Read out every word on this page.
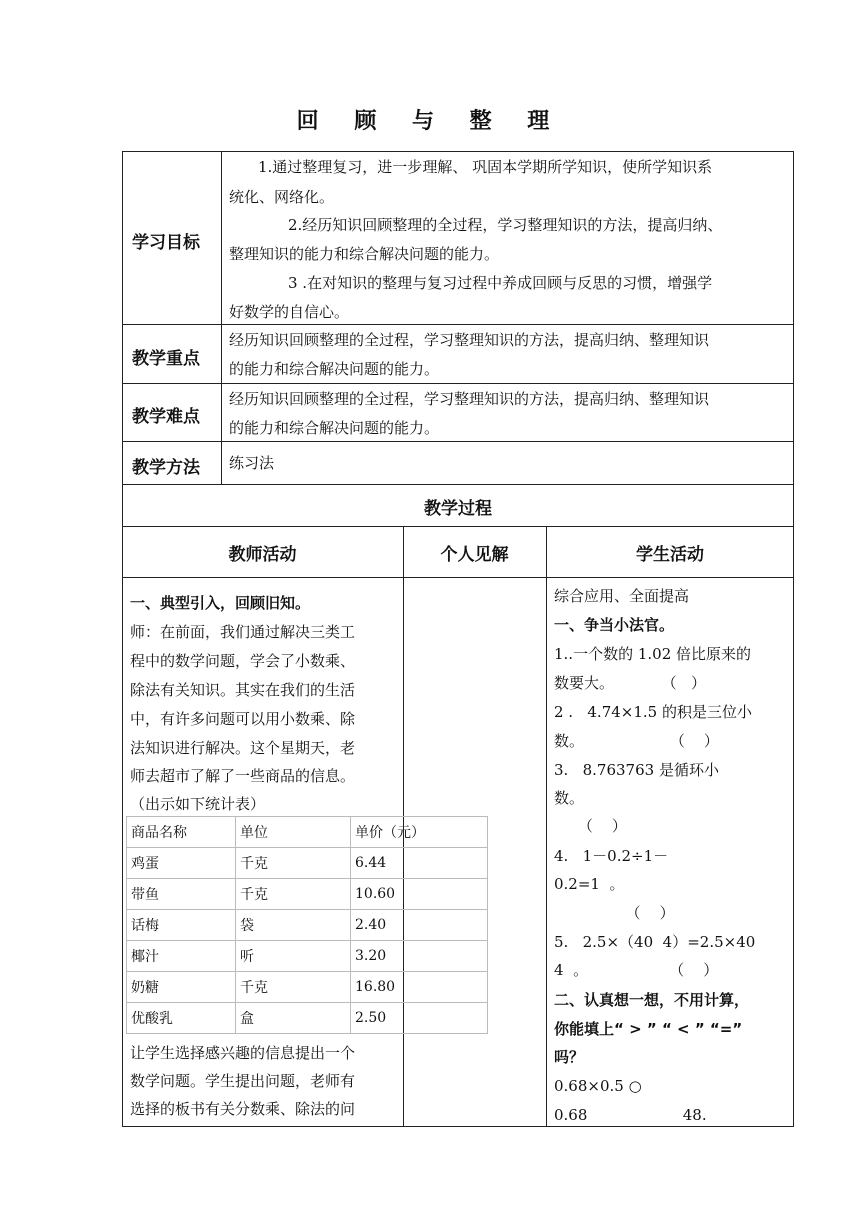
回 顾 与 整 理
学习目标
1.通过整理复习，进一步理解、 巩固本学期所学知识，使所学知识系
统化、网络化。
2.经历知识回顾整理的全过程，学习整理知识的方法，提高归纳、
整理知识的能力和综合解决问题的能力。
3 .在对知识的整理与复习过程中养成回顾与反思的习惯，增强学
好数学的自信心。
教学重点
经历知识回顾整理的全过程，学习整理知识的方法，提高归纳、整理知识
的能力和综合解决问题的能力。
教学难点
经历知识回顾整理的全过程，学习整理知识的方法，提高归纳、整理知识
的能力和综合解决问题的能力。
教学方法 练习法
教学过程
教师活动	个人见解	学生活动
一、典型引入，回顾旧知。
师：在前面，我们通过解决三类工
程中的数学问题，学会了小数乘、
除法有关知识。其实在我们的生活
中，有许多问题可以用小数乘、除
法知识进行解决。这个星期天，老
师去超市了解了一些商品的信息。
（出示如下统计表）
商品名称	单位	单价（元）
鸡蛋	千克	6.44
带鱼	千克	10.60
话梅	袋	2.40
椰汁	听	3.20
奶糖	千克	16.80
优酸乳	盒	2.50
让学生选择感兴趣的信息提出一个
数学问题。学生提出问题，老师有
选择的板书有关分数乘、除法的问
综合应用、全面提高
一、争当小法官。
1..一个数的 1.02 倍比原来的
数要大。          （   ）
2 .   4.74×1.5 的积是三位小
数。                  （    ）
3.   8.763763 是循环小
数。
（    ）
4.   1－0.2÷1－
0.2=1  。
（    ）
5.   2.5×（40  4）=2.5×40
4  。                 （    ）
二、认真想一想，不用计算，
你能填上“ > ” “ < ” “=”
吗？
0.68×0.5 ○
0.68                    48.
